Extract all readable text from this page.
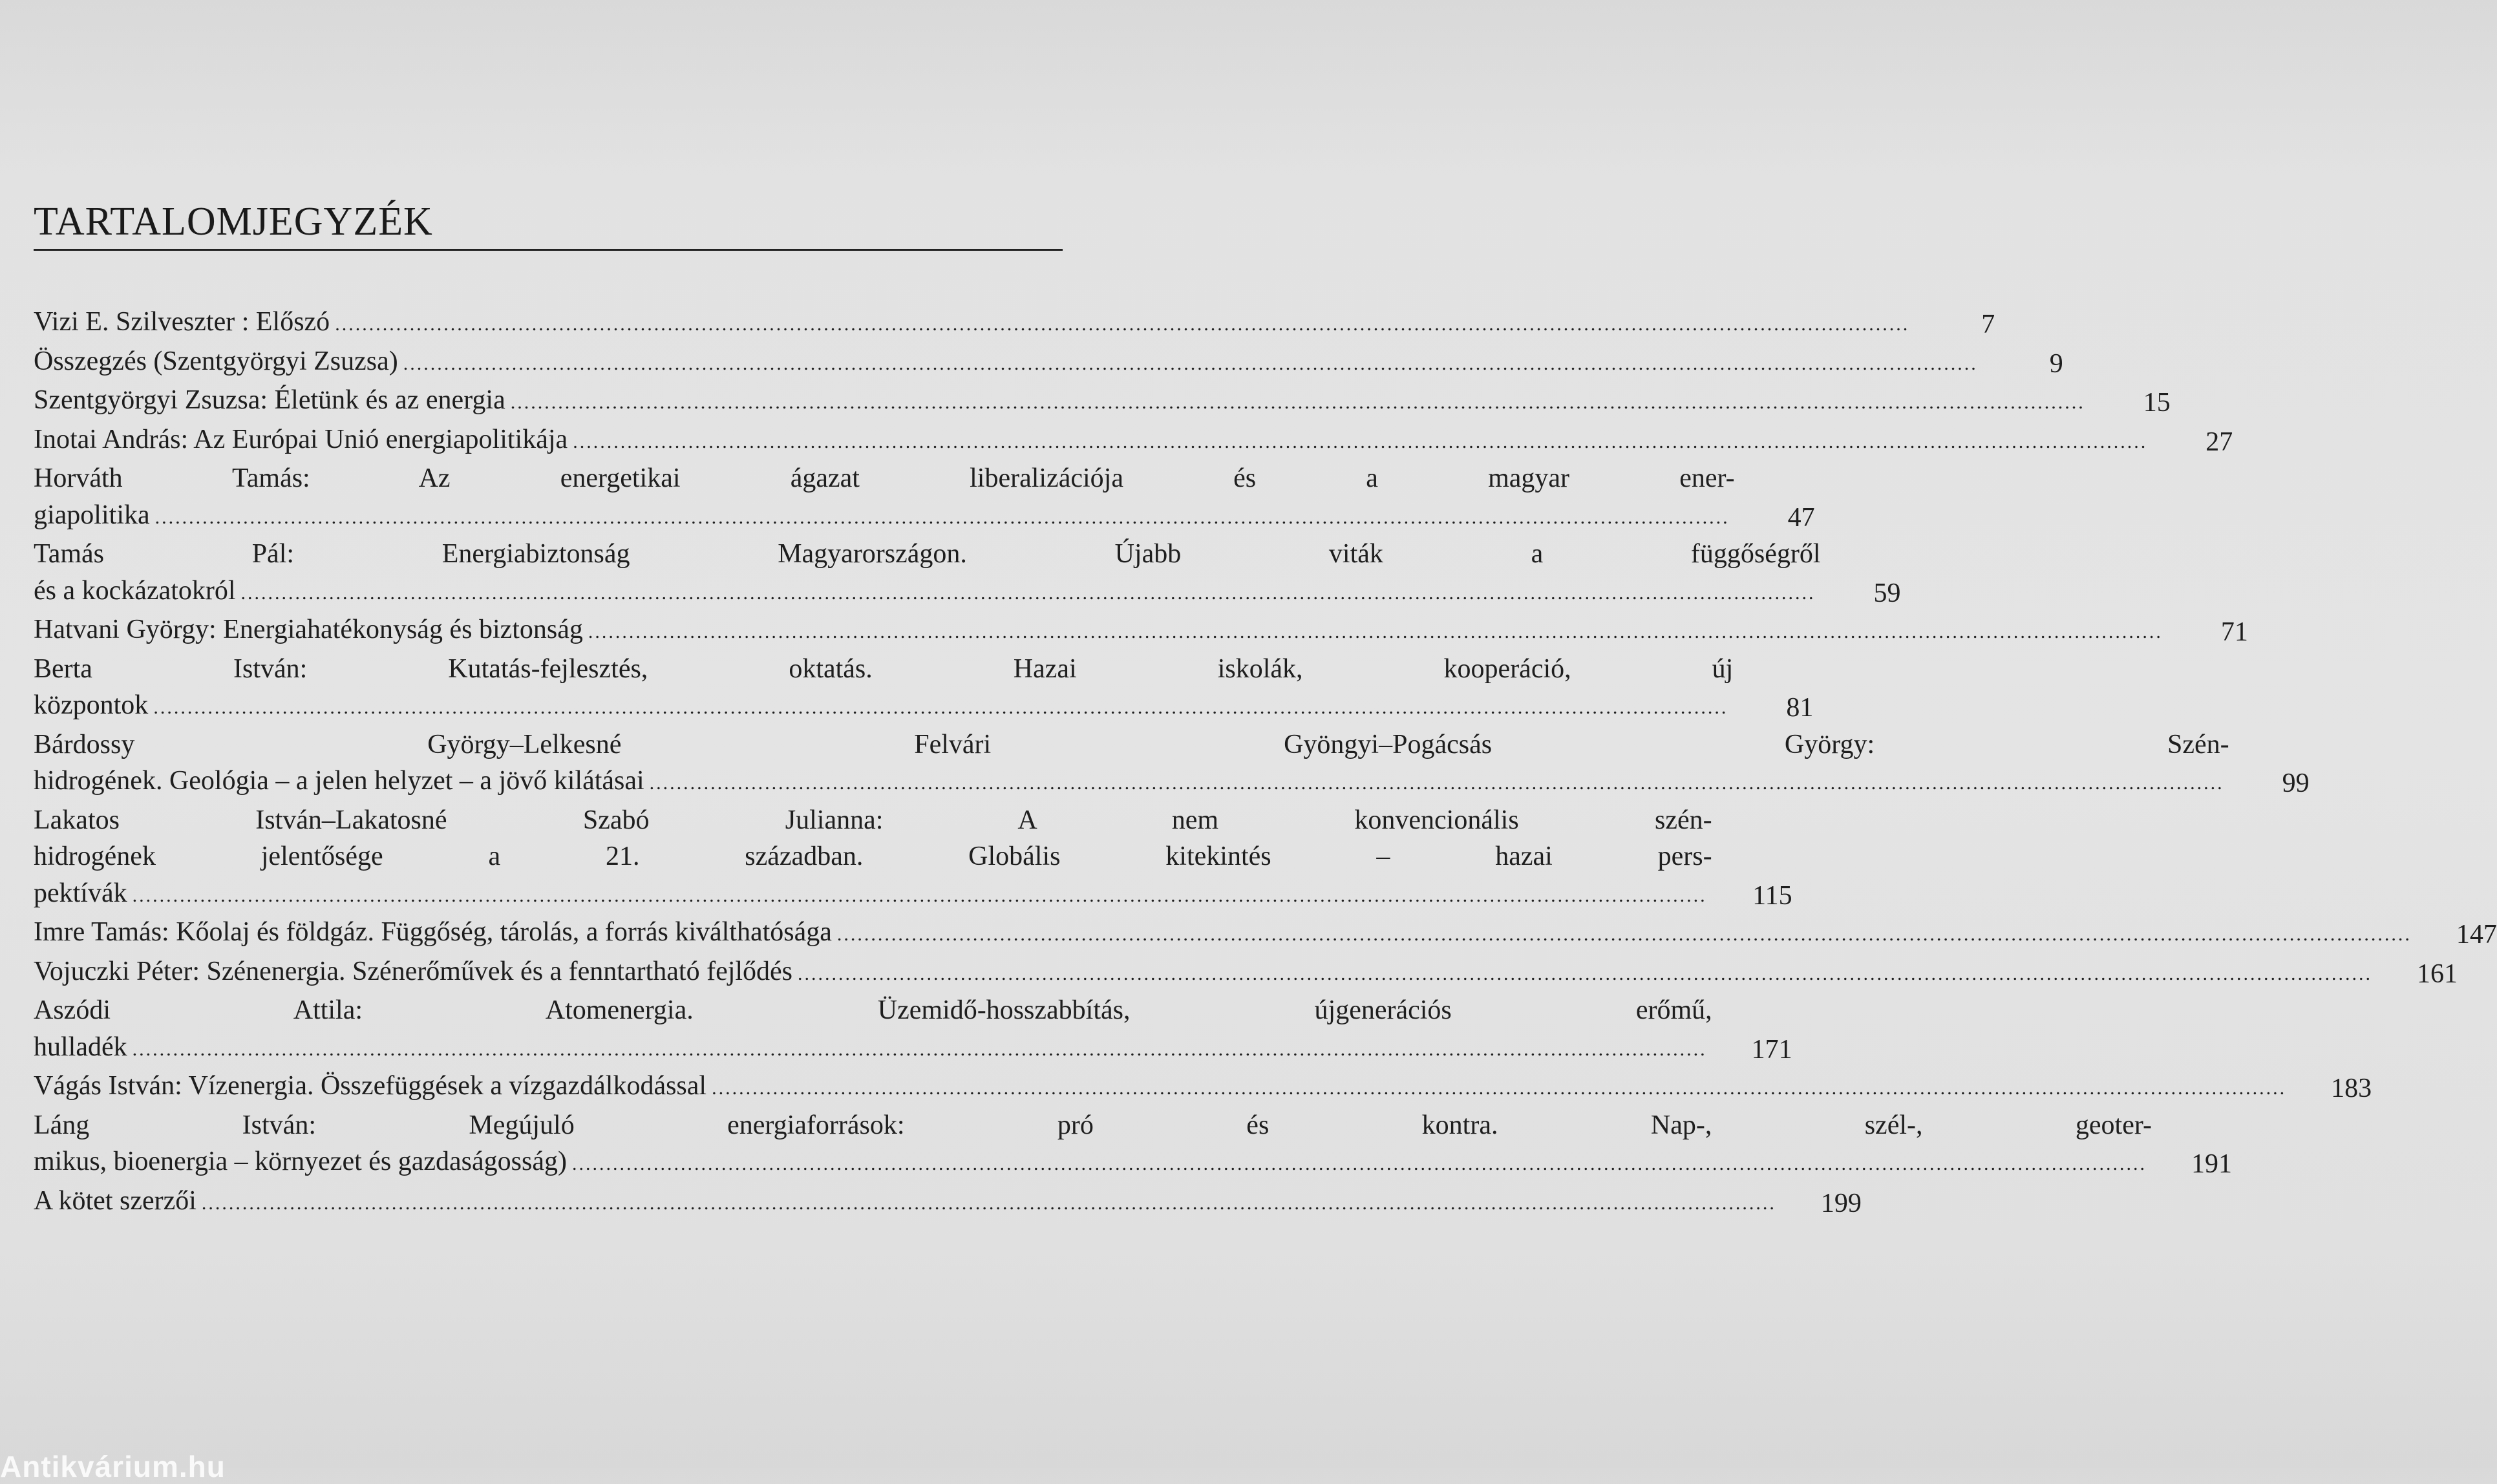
TARTALOMJEGYZÉK
Vizi E. Szilveszter : Előszó .....	7
Összegzés (Szentgyörgyi Zsuzsa) .....	9
Szentgyörgyi Zsuzsa: Életünk és az energia .....	15
Inotai András: Az Európai Unió energiapolitikája .....	27
Horváth Tamás: Az energetikai ágazat liberalizációja és a magyar ener-
giapolitika .....	47
Tamás Pál: Energiabiztonság Magyarországon. Újabb viták a függőségről
és a kockázatokról .....	59
Hatvani György: Energiahatékonyság és biztonság .....	71
Berta István: Kutatás-fejlesztés, oktatás. Hazai iskolák, kooperáció, új
központok .....	81
Bárdossy György–Lelkesné Felvári Gyöngyi–Pogácsás György: Szén-
hidrogének. Geológia – a jelen helyzet – a jövő kilátásai .....	99
Lakatos István–Lakatosné Szabó Julianna: A nem konvencionális szén-
hidrogének jelentősége a 21. században. Globális kitekintés – hazai pers-
pektívák .....	115
Imre Tamás: Kőolaj és földgáz. Függőség, tárolás, a forrás kiválthatósága .....	147
Vojuczki Péter: Szénenergia. Szénerőművek és a fenntartható fejlődés .....	161
Aszódi Attila: Atomenergia. Üzemidő-hosszabbítás, újgenerációs erőmű,
hulladék .....	171
Vágás István: Vízenergia. Összefüggések a vízgazdálkodással .....	183
Láng István: Megújuló energiaforrások: pró és kontra. Nap-, szél-, geoter-
mikus, bioenergia – környezet és gazdaságosság) .....	191
A kötet szerzői .....	199
Antikvárium.hu
